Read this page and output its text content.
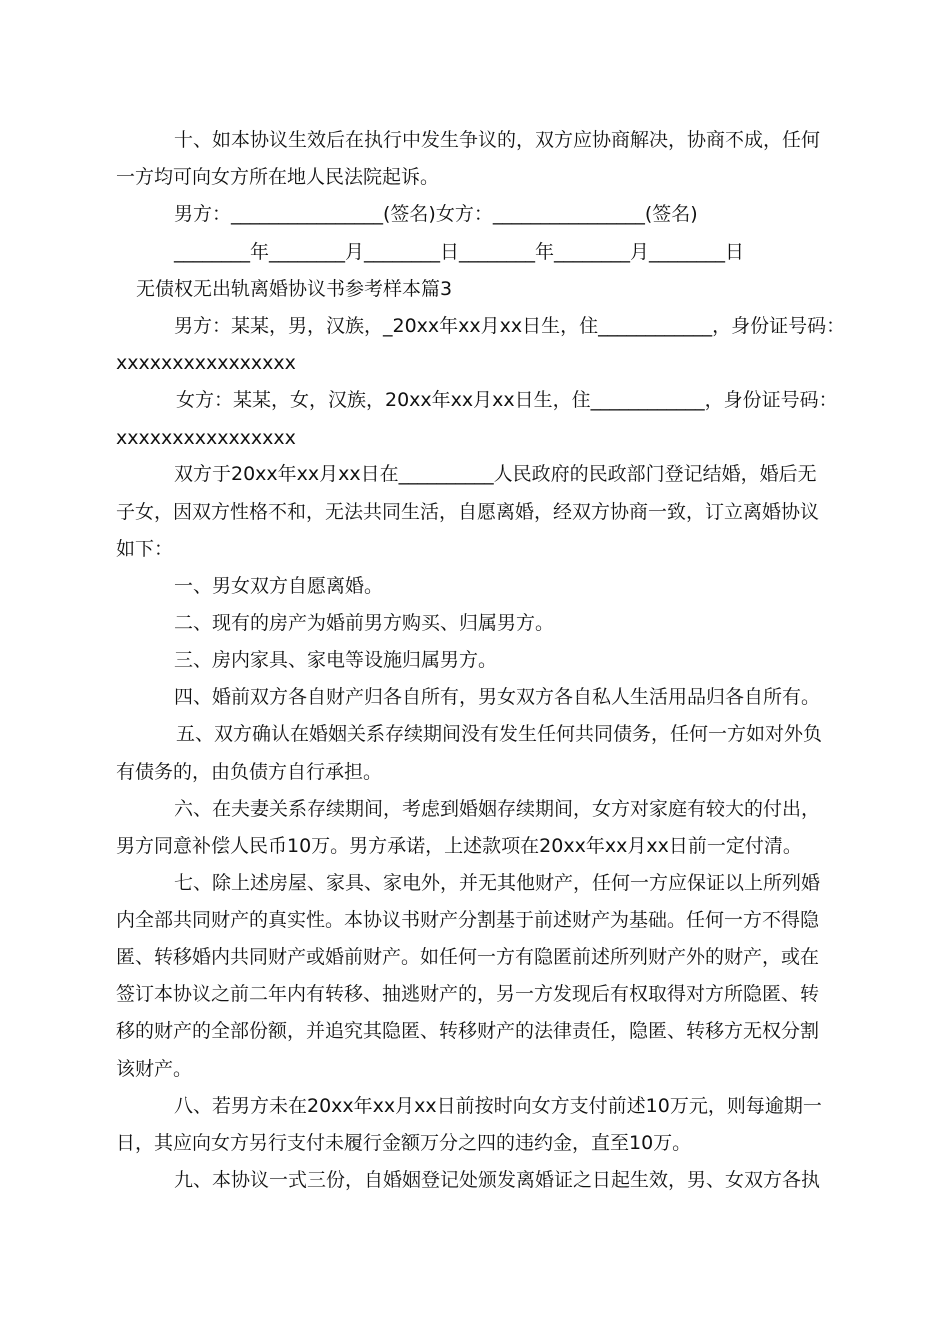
十、如本协议生效后在执行中发生争议的，双方应协商解决，协商不成，任何

一方均可向女方所在地人民法院起诉。

男方：________________(签名)女方：________________(签名)

________年________月________日________年________月________日

无债权无出轨离婚协议书参考样本篇3

男方：某某，男，汉族，_20xx年xx月xx日生，住____________，身份证号码：

xxxxxxxxxxxxxxxx

女方：某某，女，汉族，20xx年xx月xx日生，住____________，身份证号码：

xxxxxxxxxxxxxxxx

双方于20xx年xx月xx日在__________人民政府的民政部门登记结婚，婚后无

子女，因双方性格不和，无法共同生活，自愿离婚，经双方协商一致，订立离婚协议

如下：

一、男女双方自愿离婚。

二、现有的房产为婚前男方购买、归属男方。

三、房内家具、家电等设施归属男方。

四、婚前双方各自财产归各自所有，男女双方各自私人生活用品归各自所有。

五、双方确认在婚姻关系存续期间没有发生任何共同债务，任何一方如对外负

有债务的，由负债方自行承担。

六、在夫妻关系存续期间，考虑到婚姻存续期间，女方对家庭有较大的付出，

男方同意补偿人民币10万。男方承诺，上述款项在20xx年xx月xx日前一定付清。

七、除上述房屋、家具、家电外，并无其他财产，任何一方应保证以上所列婚

内全部共同财产的真实性。本协议书财产分割基于前述财产为基础。任何一方不得隐

匿、转移婚内共同财产或婚前财产。如任何一方有隐匿前述所列财产外的财产，或在

签订本协议之前二年内有转移、抽逃财产的，另一方发现后有权取得对方所隐匿、转

移的财产的全部份额，并追究其隐匿、转移财产的法律责任，隐匿、转移方无权分割

该财产。

八、若男方未在20xx年xx月xx日前按时向女方支付前述10万元，则每逾期一

日，其应向女方另行支付未履行金额万分之四的违约金，直至10万。

九、本协议一式三份，自婚姻登记处颁发离婚证之日起生效，男、女双方各执
